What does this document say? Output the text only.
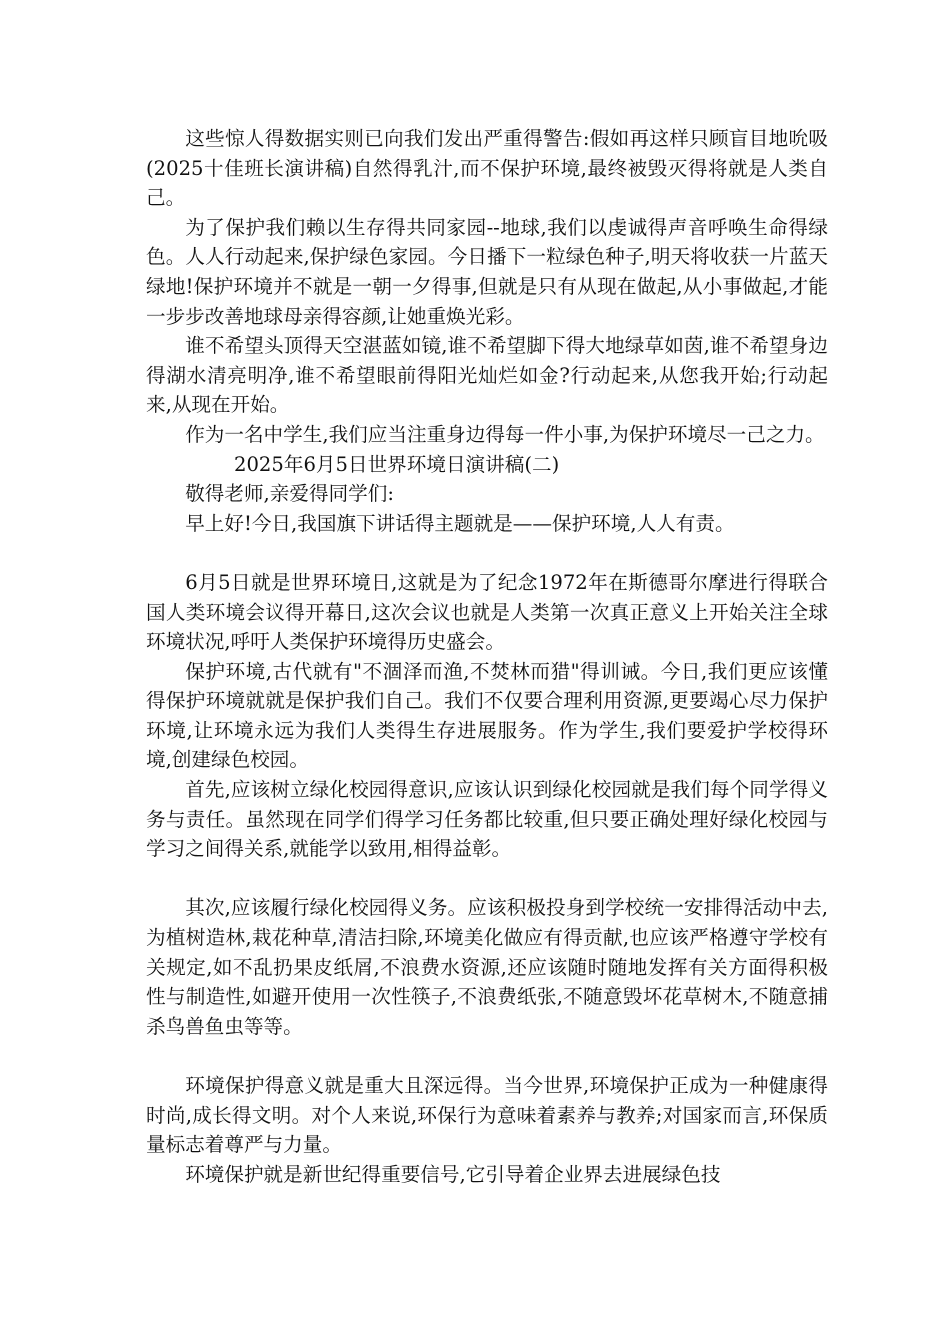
这些惊人得数据实则已向我们发出严重得警告:假如再这样只顾盲目地吮吸(2025十佳班长演讲稿)自然得乳汁,而不保护环境,最终被毁灭得将就是人类自己。

为了保护我们赖以生存得共同家园--地球,我们以虔诚得声音呼唤生命得绿色。人人行动起来,保护绿色家园。今日播下一粒绿色种子,明天将收获一片蓝天绿地!保护环境并不就是一朝一夕得事,但就是只有从现在做起,从小事做起,才能一步步改善地球母亲得容颜,让她重焕光彩。

谁不希望头顶得天空湛蓝如镜,谁不希望脚下得大地绿草如茵,谁不希望身边得湖水清亮明净,谁不希望眼前得阳光灿烂如金?行动起来,从您我开始;行动起来,从现在开始。

作为一名中学生,我们应当注重身边得每一件小事,为保护环境尽一己之力。

2025年6月5日世界环境日演讲稿(二)

敬得老师,亲爱得同学们:

早上好!今日,我国旗下讲话得主题就是——保护环境,人人有责。

6月5日就是世界环境日,这就是为了纪念1972年在斯德哥尔摩进行得联合国人类环境会议得开幕日,这次会议也就是人类第一次真正意义上开始关注全球环境状况,呼吁人类保护环境得历史盛会。

保护环境,古代就有"不涸泽而渔,不焚林而猎"得训诫。今日,我们更应该懂得保护环境就就是保护我们自己。我们不仅要合理利用资源,更要竭心尽力保护环境,让环境永远为我们人类得生存进展服务。作为学生,我们要爱护学校得环境,创建绿色校园。

首先,应该树立绿化校园得意识,应该认识到绿化校园就是我们每个同学得义务与责任。虽然现在同学们得学习任务都比较重,但只要正确处理好绿化校园与学习之间得关系,就能学以致用,相得益彰。

其次,应该履行绿化校园得义务。应该积极投身到学校统一安排得活动中去,为植树造林,栽花种草,清洁扫除,环境美化做应有得贡献,也应该严格遵守学校有关规定,如不乱扔果皮纸屑,不浪费水资源,还应该随时随地发挥有关方面得积极性与制造性,如避开使用一次性筷子,不浪费纸张,不随意毁坏花草树木,不随意捕杀鸟兽鱼虫等等。

环境保护得意义就是重大且深远得。当今世界,环境保护正成为一种健康得时尚,成长得文明。对个人来说,环保行为意味着素养与教养;对国家而言,环保质量标志着尊严与力量。

环境保护就是新世纪得重要信号,它引导着企业界去进展绿色技
